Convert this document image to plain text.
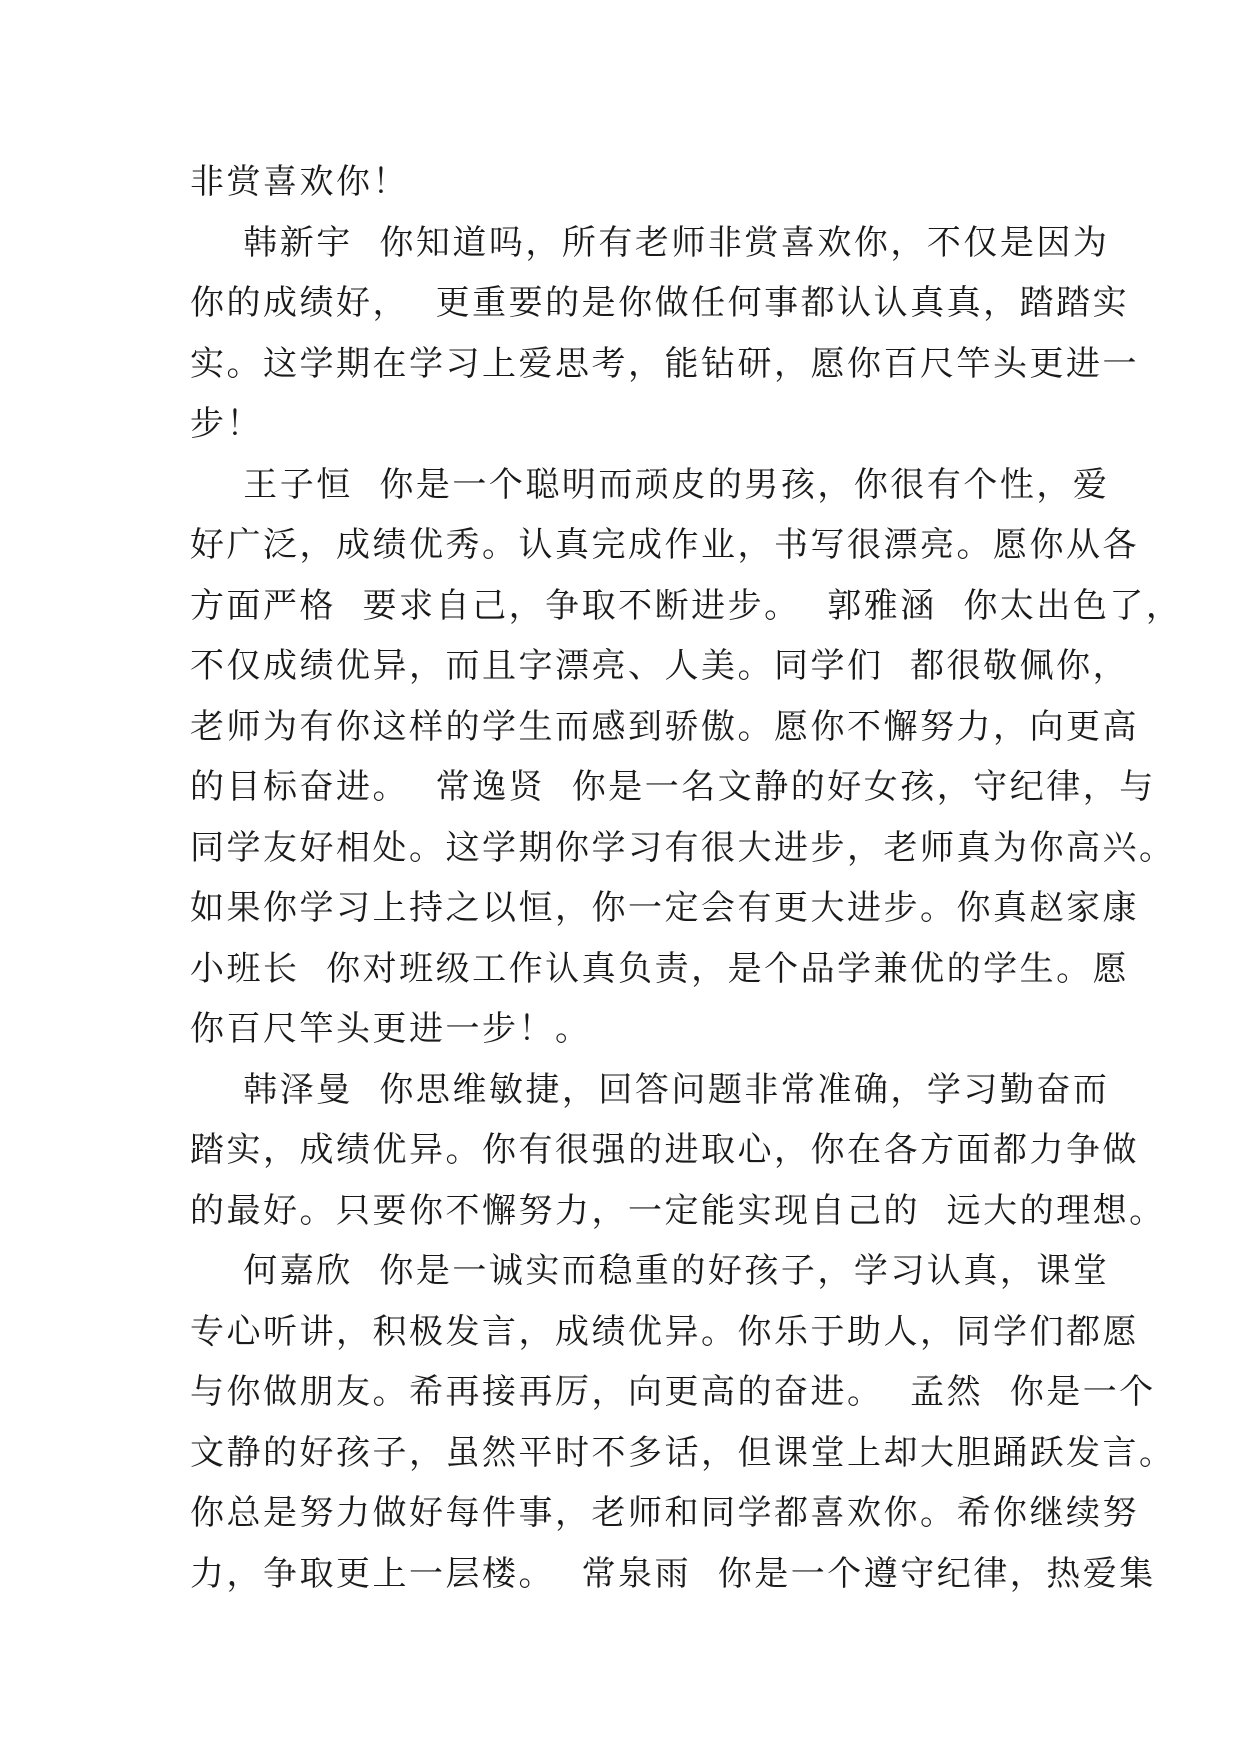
非赏喜欢你！
韩新宇  你知道吗，所有老师非赏喜欢你，不仅是因为
你的成绩好，  更重要的是你做任何事都认认真真，踏踏实
实。这学期在学习上爱思考，能钻研，愿你百尺竿头更进一
步！
王子恒  你是一个聪明而顽皮的男孩，你很有个性，爱
好广泛，成绩优秀。认真完成作业，书写很漂亮。愿你从各
方面严格  要求自己，争取不断进步。  郭雅涵  你太出色了，
不仅成绩优异，而且字漂亮、人美。同学们  都很敬佩你，
老师为有你这样的学生而感到骄傲。愿你不懈努力，向更高
的目标奋进。  常逸贤  你是一名文静的好女孩，守纪律，与
同学友好相处。这学期你学习有很大进步，老师真为你高兴。
如果你学习上持之以恒，你一定会有更大进步。你真赵家康
小班长  你对班级工作认真负责，是个品学兼优的学生。愿
你百尺竿头更进一步！。
韩泽曼  你思维敏捷，回答问题非常准确，学习勤奋而
踏实，成绩优异。你有很强的进取心，你在各方面都力争做
的最好。只要你不懈努力，一定能实现自己的  远大的理想。
何嘉欣  你是一诚实而稳重的好孩子，学习认真，课堂
专心听讲，积极发言，成绩优异。你乐于助人，同学们都愿
与你做朋友。希再接再厉，向更高的奋进。  孟然  你是一个
文静的好孩子，虽然平时不多话，但课堂上却大胆踊跃发言。
你总是努力做好每件事，老师和同学都喜欢你。希你继续努
力，争取更上一层楼。  常泉雨  你是一个遵守纪律，热爱集
